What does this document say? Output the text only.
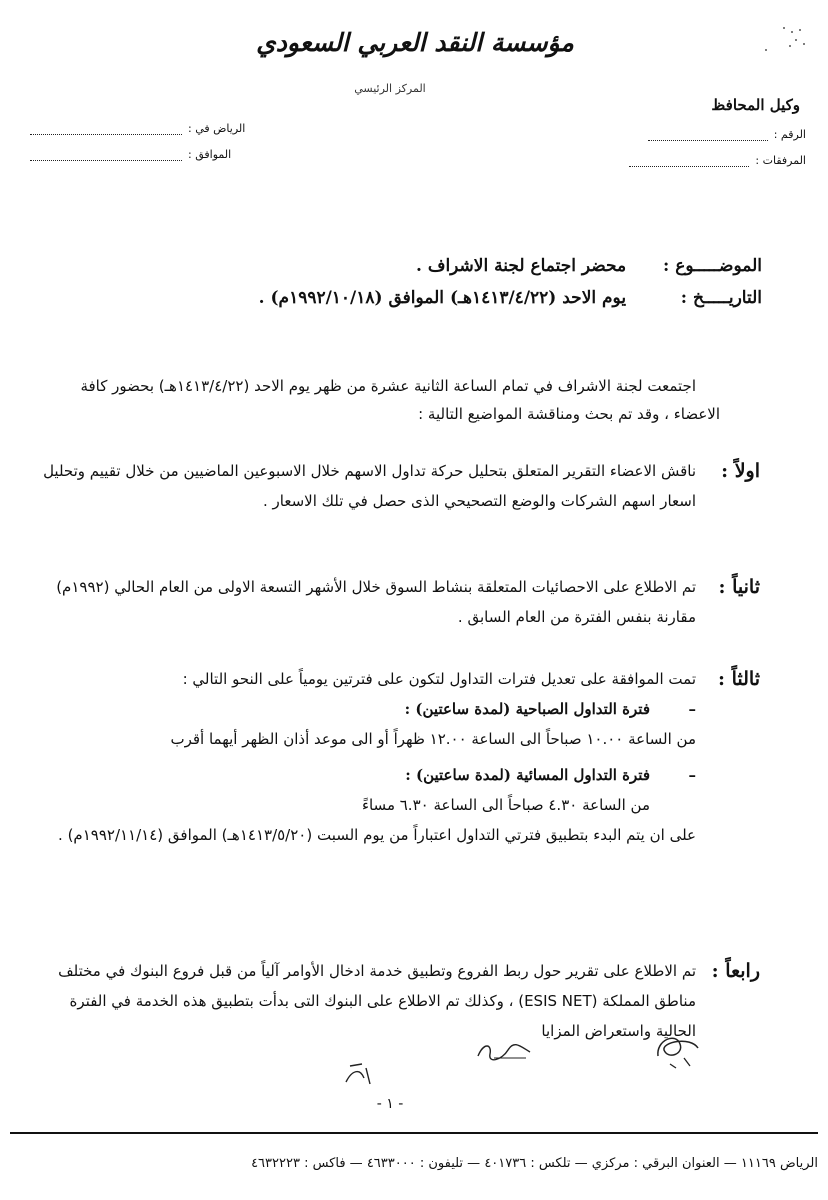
مؤسسة النقد العربي السعودي
المركز الرئيسي
وكيل المحافظ
الرقم :
المرفقات :
الرياض في :
الموافق :
الموضـــــوع : محضر اجتماع لجنة الاشراف .
التاريـــــخ : يوم الاحد (١٤١٣/٤/٢٢هـ) الموافق (١٩٩٢/١٠/١٨م) .
اجتمعت لجنة الاشراف في تمام الساعة الثانية عشرة من ظهر يوم الاحد (١٤١٣/٤/٢٢هـ) بحضور كافة الاعضاء ، وقد تم بحث ومناقشة المواضيع التالية :
اولاً :
ناقش الاعضاء التقرير المتعلق بتحليل حركة تداول الاسهم خلال الاسبوعين الماضيين من خلال تقييم وتحليل اسعار اسهم الشركات والوضع التصحيحي الذى حصل في تلك الاسعار .
ثانياً :
تم الاطلاع على الاحصائيات المتعلقة بنشاط السوق خلال الأشهر التسعة الاولى من العام الحالي (١٩٩٢م) مقارنة بنفس الفترة من العام السابق .
ثالثاً :
تمت الموافقة على تعديل فترات التداول لتكون على فترتين يومياً على النحو التالي :
–فترة التداول الصباحية (لمدة ساعتين) :
من الساعة ١٠.٠٠ صباحاً الى الساعة ١٢.٠٠ ظهراً أو الى موعد أذان الظهر أيهما أقرب
–فترة التداول المسائية (لمدة ساعتين) :
من الساعة ٤.٣٠ صباحاً الى الساعة ٦.٣٠ مساءً
على ان يتم البدء بتطبيق فترتي التداول اعتباراً من يوم السبت (١٤١٣/٥/٢٠هـ) الموافق (١٩٩٢/١١/١٤م) .
رابعاً :
تم الاطلاع على تقرير حول ربط الفروع وتطبيق خدمة ادخال الأوامر آلياً من قبل فروع البنوك في مختلف مناطق المملكة (ESIS NET) ، وكذلك تم الاطلاع على البنوك التى بدأت بتطبيق هذه الخدمة في الفترة الحالية واستعراض المزايا
- ١ -
الرياض ١١١٦٩ — العنوان البرقي : مركزي — تلكس : ٤٠١٧٣٦ — تليفون : ٤٦٣٣٠٠٠ — فاكس : ٤٦٣٢٢٢٣
